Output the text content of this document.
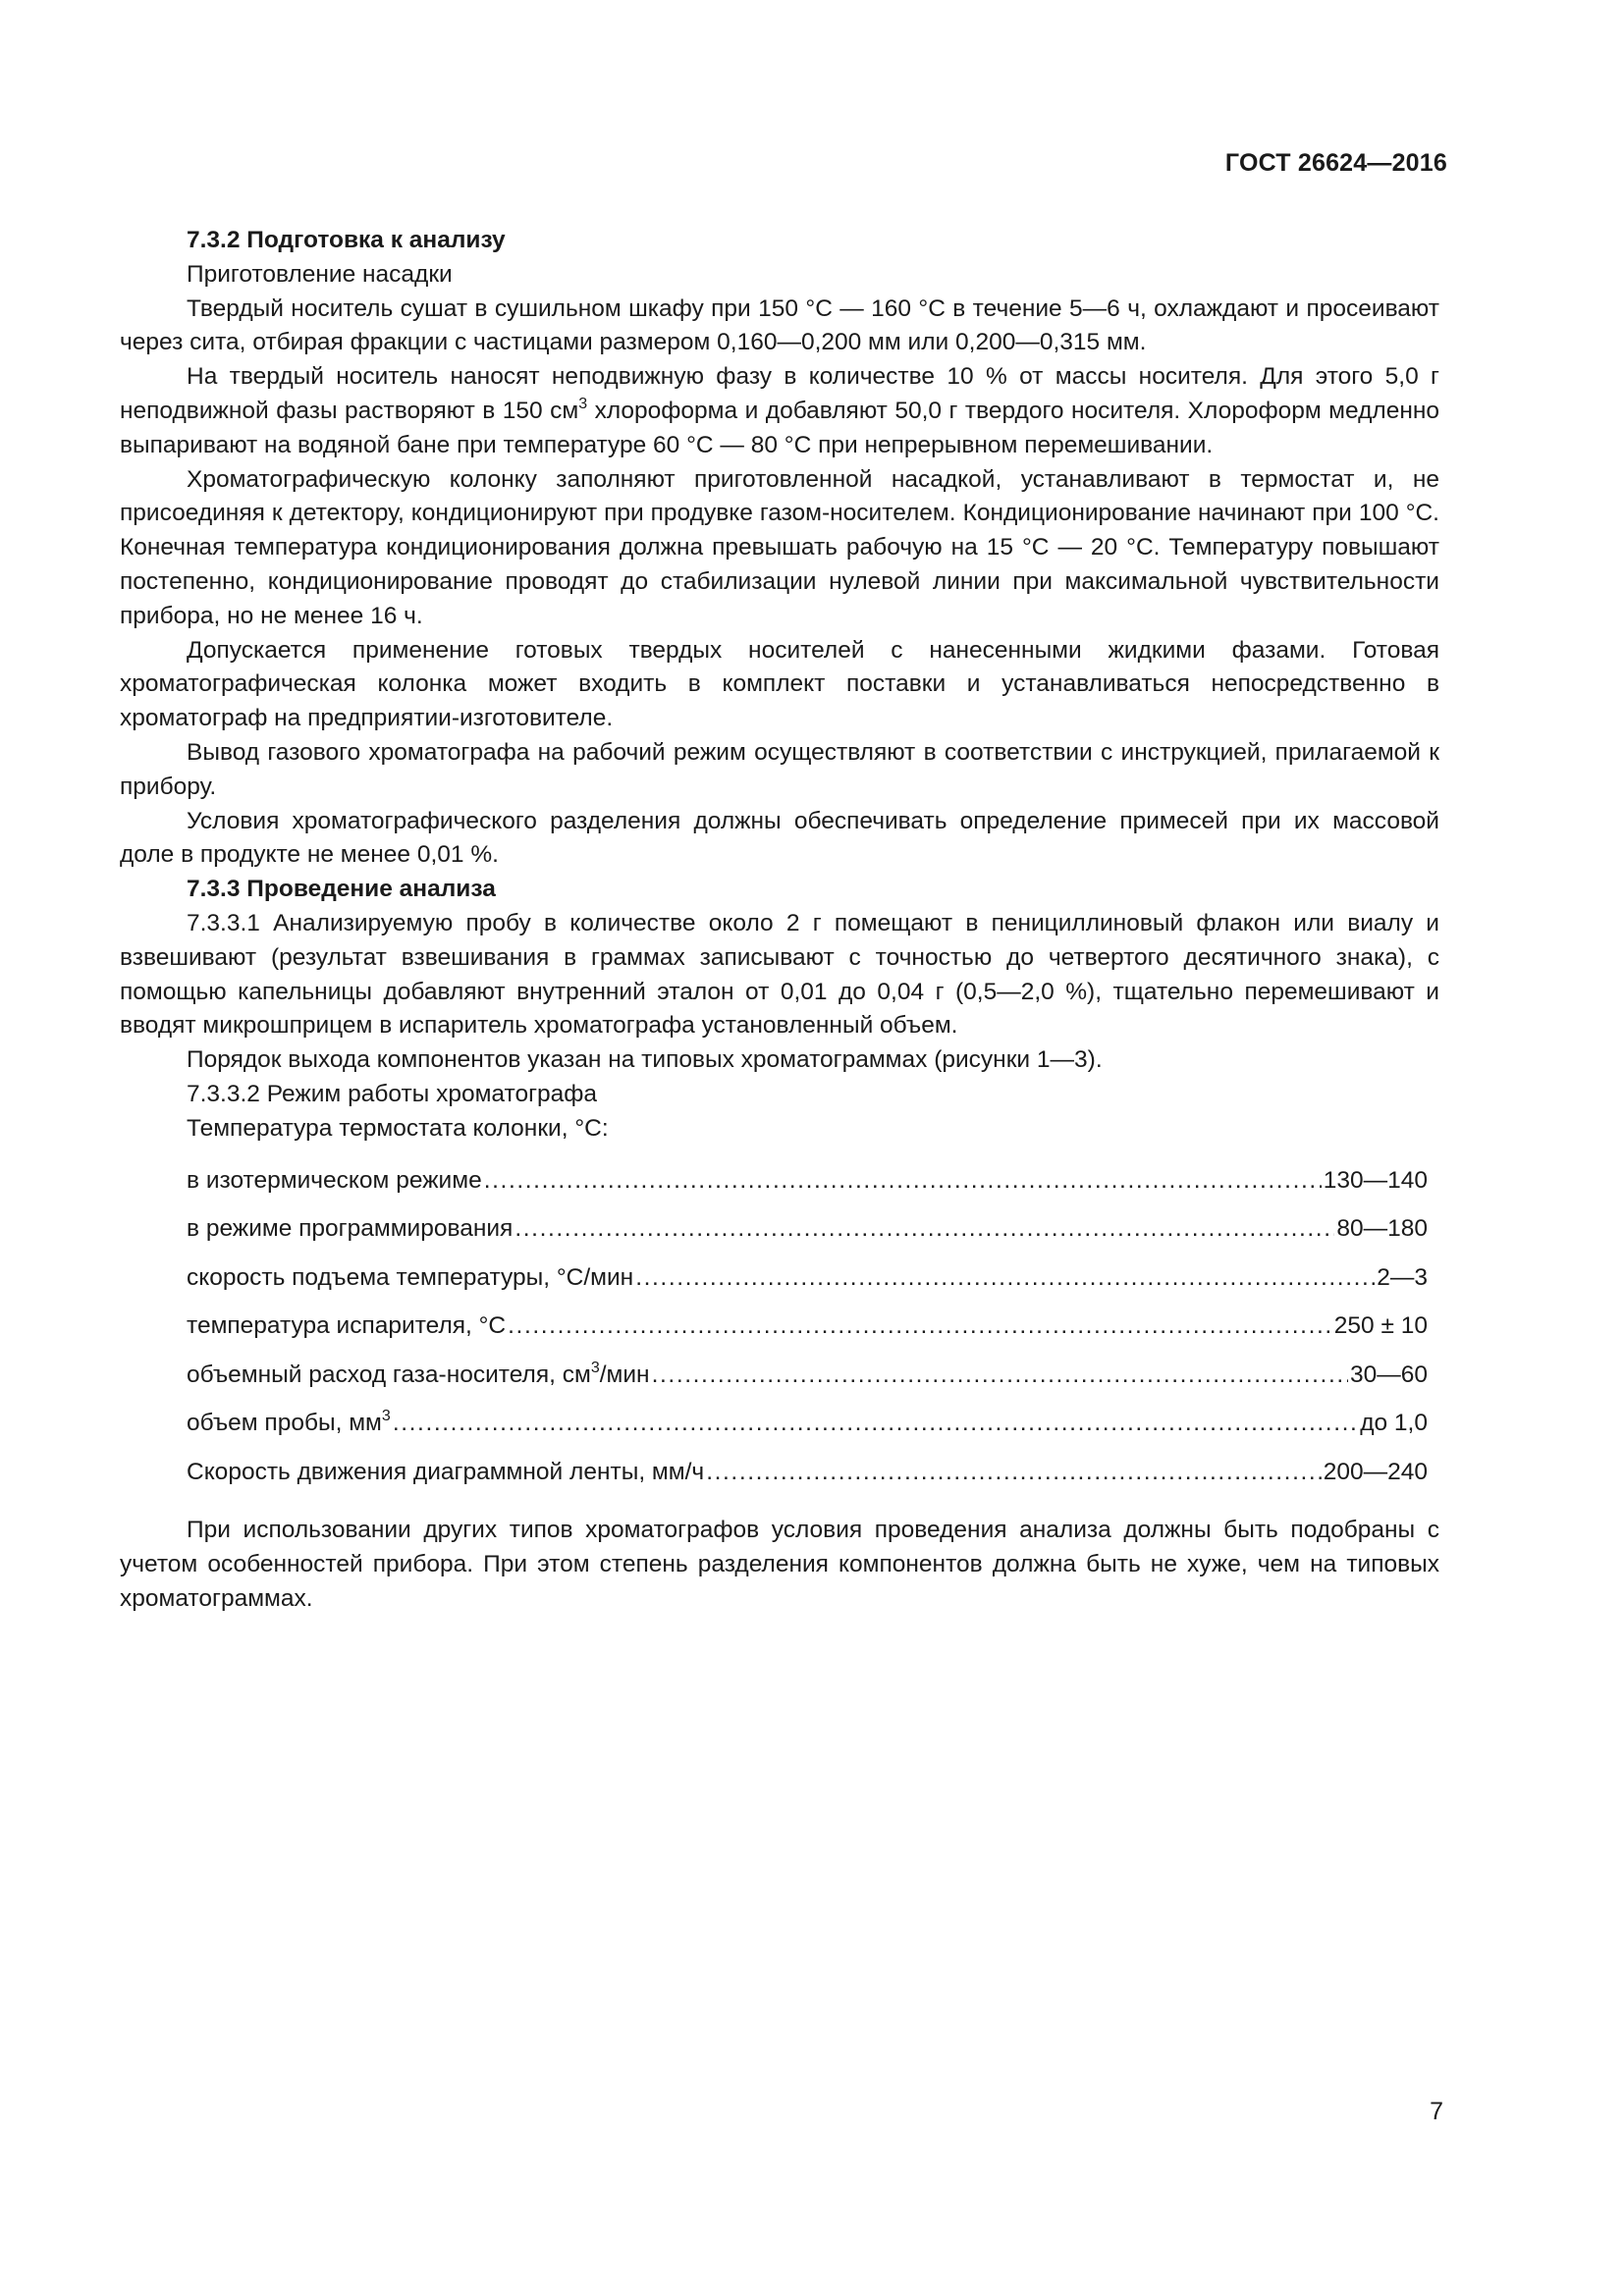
ГОСТ 26624—2016
7.3.2 Подготовка к анализу

Приготовление насадки

Твердый носитель сушат в сушильном шкафу при 150 °С — 160 °С в течение 5—6 ч, охлаждают и просеивают через сита, отбирая фракции с частицами размером 0,160—0,200 мм или 0,200—0,315 мм.

На твердый носитель наносят неподвижную фазу в количестве 10 % от массы носителя. Для этого 5,0 г неподвижной фазы растворяют в 150 $см^3$ хлороформа и добавляют 50,0 г твердого носителя. Хлороформ медленно выпаривают на водяной бане при температуре 60 °С — 80 °С при непрерывном перемешивании.

Хроматографическую колонку заполняют приготовленной насадкой, устанавливают в термостат и, не присоединяя к детектору, кондиционируют при продувке газом-носителем. Кондиционирование начинают при 100 °С. Конечная температура кондиционирования должна превышать рабочую на 15 °С — 20 °С. Температуру повышают постепенно, кондиционирование проводят до стабилизации нулевой линии при максимальной чувствительности прибора, но не менее 16 ч.

Допускается применение готовых твердых носителей с нанесенными жидкими фазами. Готовая хроматографическая колонка может входить в комплект поставки и устанавливаться непосредственно в хроматограф на предприятии-изготовителе.

Вывод газового хроматографа на рабочий режим осуществляют в соответствии с инструкцией, прилагаемой к прибору.

Условия хроматографического разделения должны обеспечивать определение примесей при их массовой доле в продукте не менее 0,01 %.

7.3.3 Проведение анализа

7.3.3.1 Анализируемую пробу в количестве около 2 г помещают в пенициллиновый флакон или виалу и взвешивают (результат взвешивания в граммах записывают с точностью до четвертого десятичного знака), с помощью капельницы добавляют внутренний эталон от 0,01 до 0,04 г (0,5—2,0 %), тщательно перемешивают и вводят микрошприцем в испаритель хроматографа установленный объем.

Порядок выхода компонентов указан на типовых хроматограммах (рисунки 1—3).

7.3.3.2 Режим работы хроматографа

Температура термостата колонки, °С:

в изотермическом режиме .....	130—140
в режиме программирования .....	80—180
скорость подъема температуры, °С/мин .....	2—3
температура испарителя, °С .....	250 ± 10
объемный расход газа-носителя, $см^3$/мин .....	30—60
объем пробы, $мм^3$ .....	до 1,0
Скорость движения диаграммной ленты, мм/ч .....	200—240

При использовании других типов хроматографов условия проведения анализа должны быть подобраны с учетом особенностей прибора. При этом степень разделения компонентов должна быть не хуже, чем на типовых хроматограммах.

7
